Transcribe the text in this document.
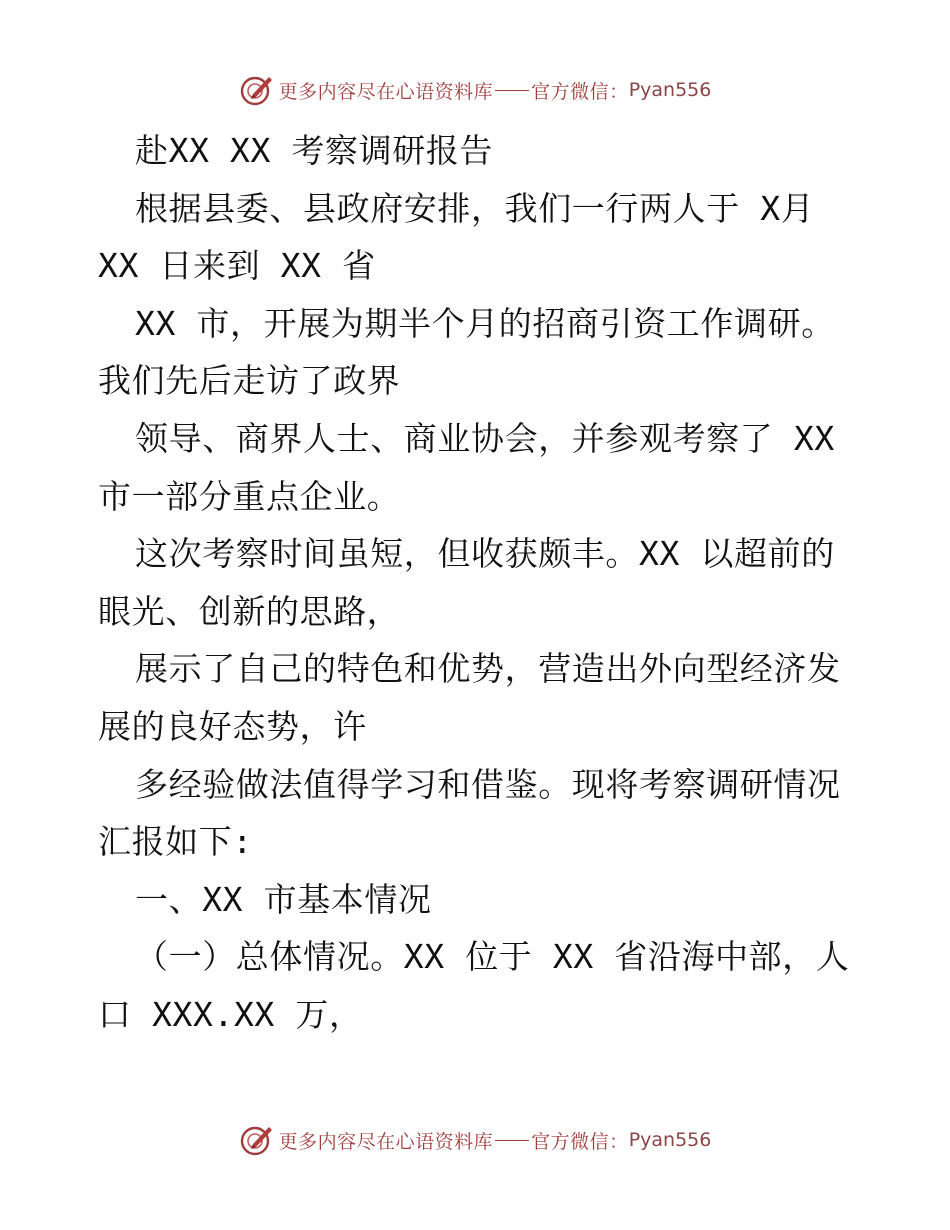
更多内容尽在心语资料库 官方微信： Pyan556
赴XX XX 考察调研报告
根据县委、县政府安排，我们一行两人于 X月
XX 日来到 XX 省
XX 市，开展为期半个月的招商引资工作调研。
我们先后走访了政界
领导、商界人士、商业协会，并参观考察了 XX
市一部分重点企业。
这次考察时间虽短，但收获颇丰。XX 以超前的
眼光、创新的思路，
展示了自己的特色和优势，营造出外向型经济发
展的良好态势，许
多经验做法值得学习和借鉴。现将考察调研情况
汇报如下:
一、XX 市基本情况
（一）总体情况。XX 位于 XX 省沿海中部，人
口 XXX.XX 万，
更多内容尽在心语资料库 官方微信： Pyan556
